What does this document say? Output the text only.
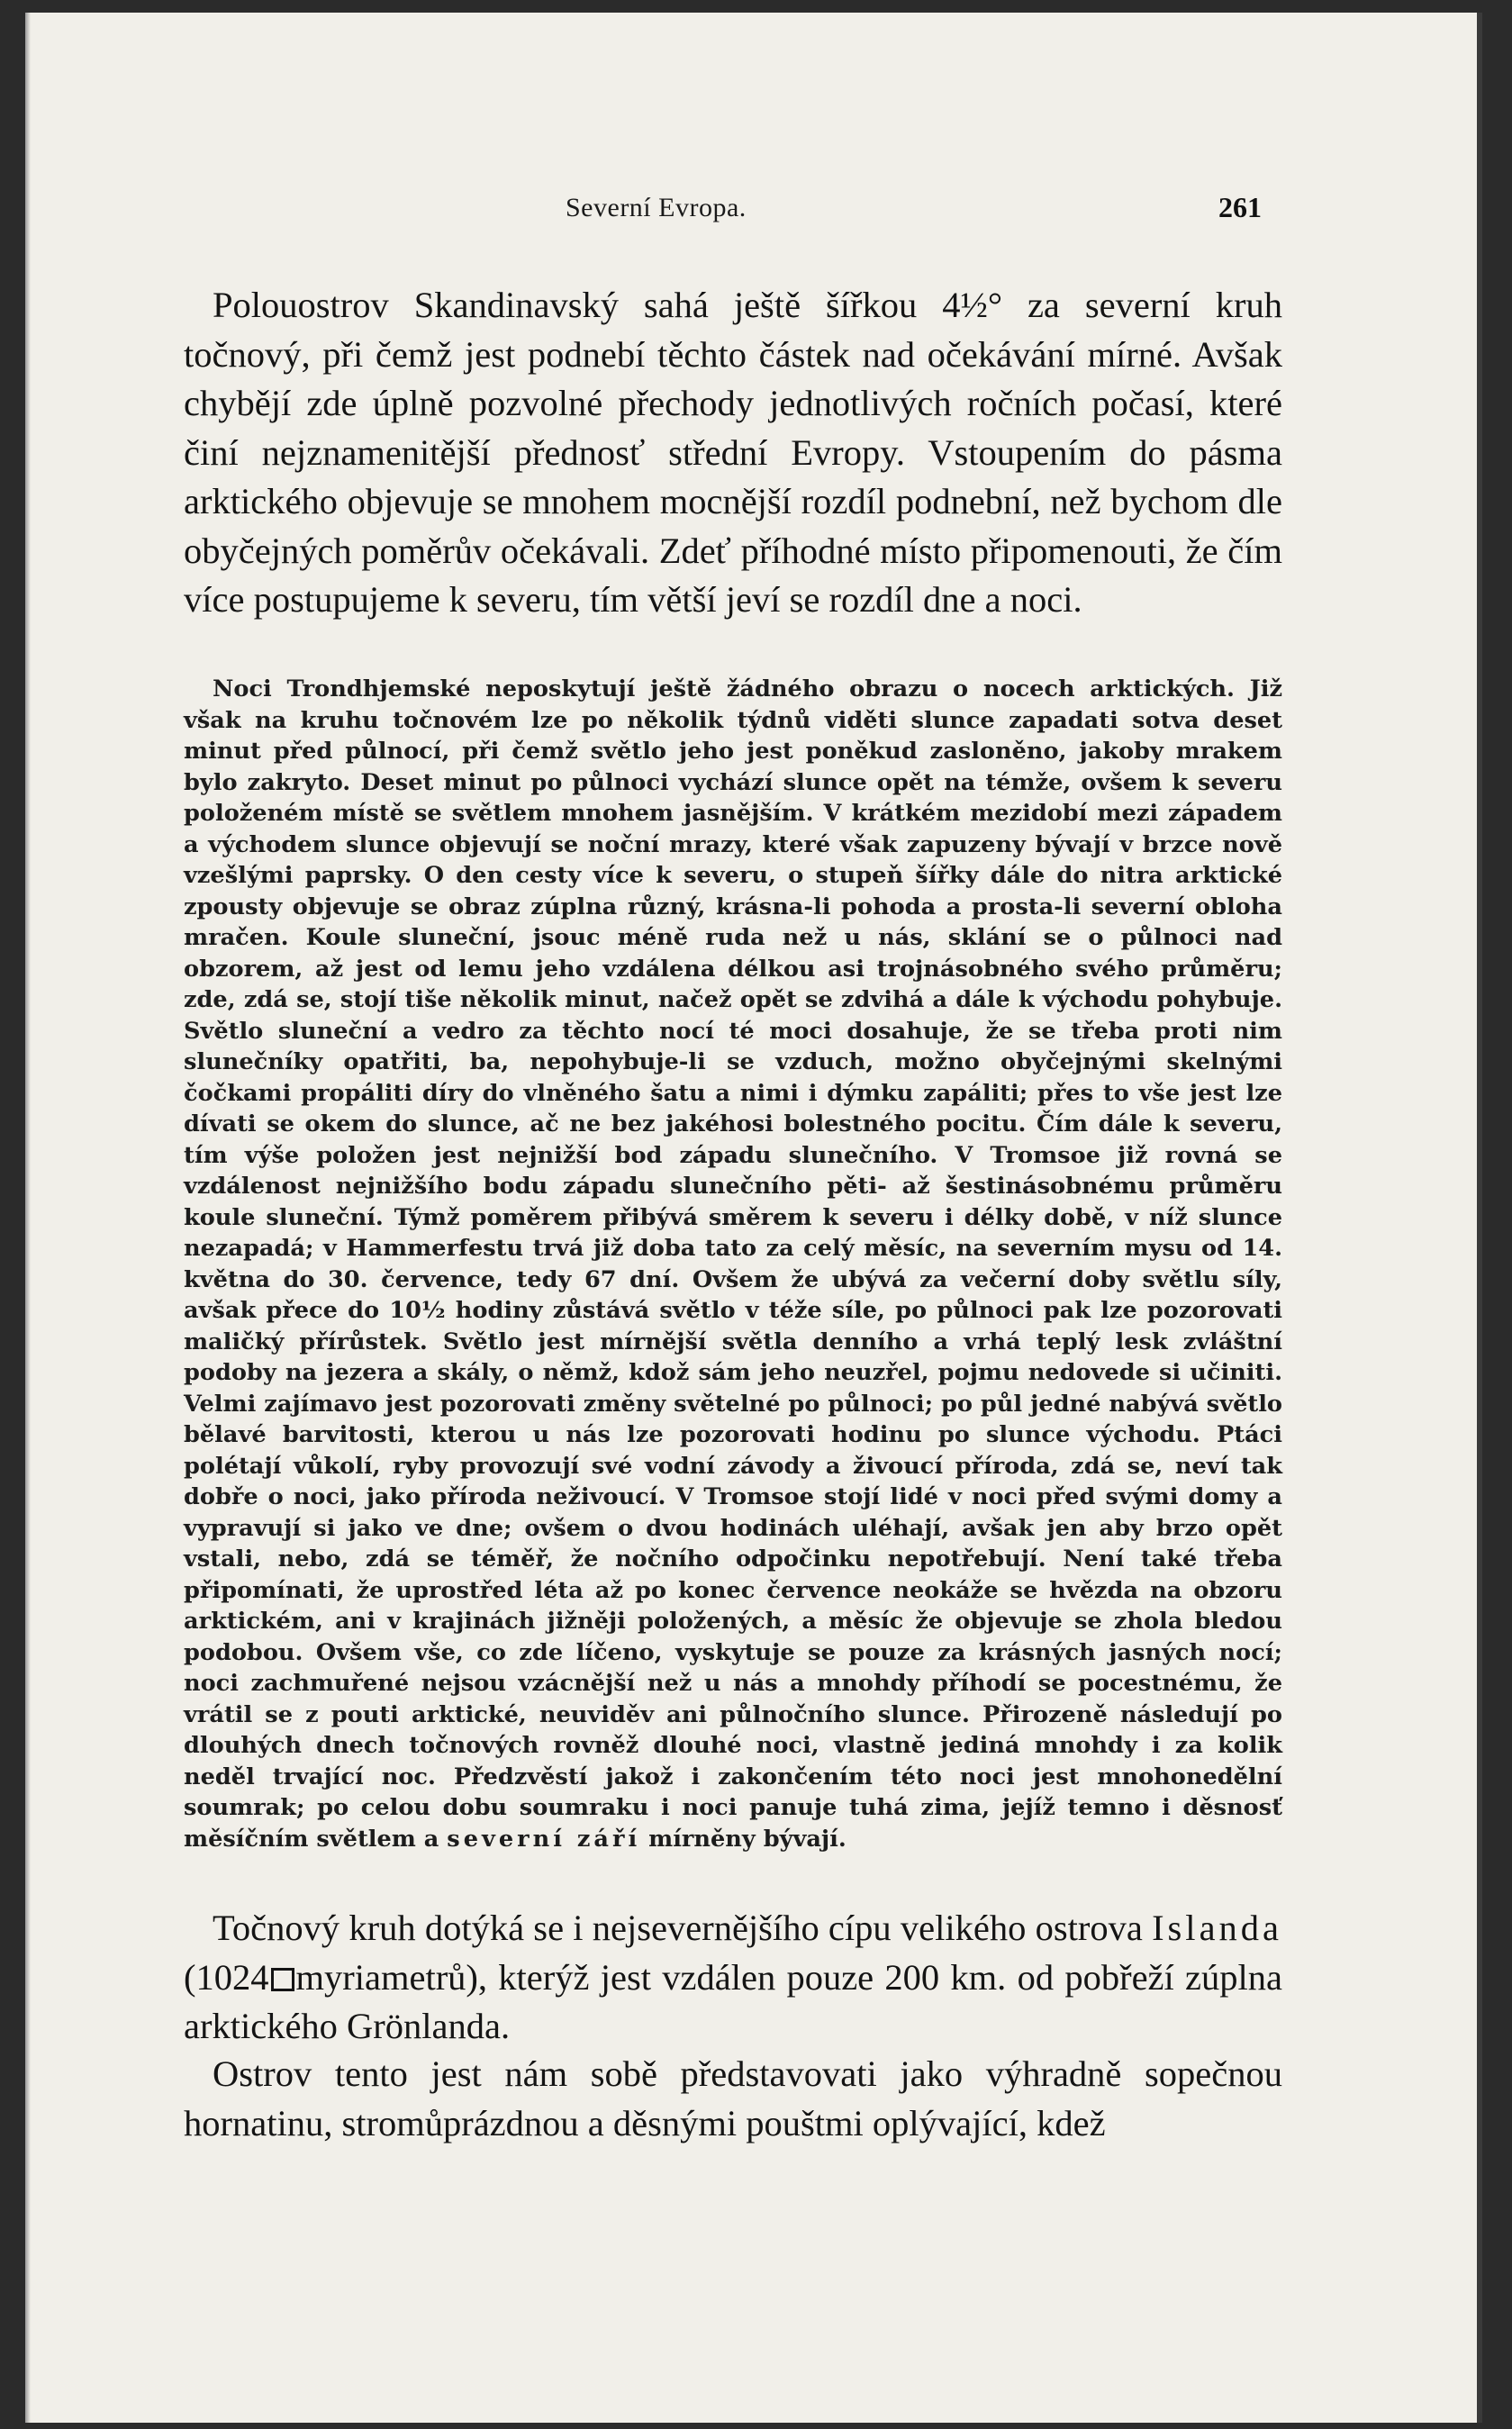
Severní Evropa.	261

Polouostrov Skandinavský sahá ještě šířkou 4½° za severní kruh točnový, při čemž jest podnebí těchto částek nad očekávání mírné. Avšak chybějí zde úplně pozvolné přechody jednotlivých ročních počasí, které činí nejznamenitější přednosť střední Evropy. Vstoupením do pásma arktického objevuje se mnohem mocnější rozdíl podnební, než bychom dle obyčejných poměrův očekávali. Zdeť příhodné místo připomenouti, že čím více postupujeme k severu, tím větší jeví se rozdíl dne a noci.

Noci Trondhjemské neposkytují ještě žádného obrazu o nocech arktických. Již však na kruhu točnovém lze po několik týdnů viděti slunce zapadati sotva deset minut před půlnocí, při čemž světlo jeho jest poněkud zasloněno, jakoby mrakem bylo zakryto. Deset minut po půlnoci vychází slunce opět na témže, ovšem k severu položeném místě se světlem mnohem jasnějším. V krátkém mezidobí mezi západem a východem slunce objevují se noční mrazy, které však zapuzeny bývají v brzce nově vzešlými paprsky. O den cesty více k severu, o stupeň šířky dále do nitra arktické zpousty objevuje se obraz zúplna různý, krásna-li pohoda a prosta-li severní obloha mračen. Koule sluneční, jsouc méně ruda než u nás, sklání se o půlnoci nad obzorem, až jest od lemu jeho vzdálena délkou asi trojnásobného svého průměru; zde, zdá se, stojí tiše několik minut, načež opět se zdvihá a dále k východu pohybuje. Světlo sluneční a vedro za těchto nocí té moci dosahuje, že se třeba proti nim slunečníky opatřiti, ba, nepohybuje-li se vzduch, možno obyčejnými skelnými čočkami propáliti díry do vlněného šatu a nimi i dýmku zapáliti; přes to vše jest lze dívati se okem do slunce, ač ne bez jakéhosi bolestného pocitu. Čím dále k severu, tím výše položen jest nejnižší bod západu slunečního. V Tromsoe již rovná se vzdálenost nejnižšího bodu západu slunečního pěti- až šestinásobnému průměru koule sluneční. Týmž poměrem přibývá směrem k severu i délky době, v níž slunce nezapadá; v Hammerfestu trvá již doba tato za celý měsíc, na severním mysu od 14. května do 30. července, tedy 67 dní. Ovšem že ubývá za večerní doby světlu síly, avšak přece do 10½ hodiny zůstává světlo v téže síle, po půlnoci pak lze pozorovati maličký přírůstek. Světlo jest mírnější světla denního a vrhá teplý lesk zvláštní podoby na jezera a skály, o němž, kdož sám jeho neuzřel, pojmu nedovede si učiniti. Velmi zajímavo jest pozorovati změny světelné po půlnoci; po půl jedné nabývá světlo bělavé barvitosti, kterou u nás lze pozorovati hodinu po slunce východu. Ptáci polétají vůkolí, ryby provozují své vodní závody a živoucí příroda, zdá se, neví tak dobře o noci, jako příroda neživoucí. V Tromsoe stojí lidé v noci před svými domy a vypravují si jako ve dne; ovšem o dvou hodinách uléhají, avšak jen aby brzo opět vstali, nebo, zdá se téměř, že nočního odpočinku nepotřebují. Není také třeba připomínati, že uprostřed léta až po konec července neokáže se hvězda na obzoru arktickém, ani v krajinách jižněji položených, a měsíc že objevuje se zhola bledou podobou. Ovšem vše, co zde líčeno, vyskytuje se pouze za krásných jasných nocí; noci zachmuřené nejsou vzácnější než u nás a mnohdy příhodí se pocestnému, že vrátil se z pouti arktické, neuviděv ani půlnočního slunce. Přirozeně následují po dlouhých dnech točnových rovněž dlouhé noci, vlastně jediná mnohdy i za kolik neděl trvající noc. Předzvěstí jakož i zakončením této noci jest mnohonedělní soumrak; po celou dobu soumraku i noci panuje tuhá zima, jejíž temno i děsnosť měsíčním světlem a severní září mírněny bývají.

Točnový kruh dotýká se i nejsevernějšího cípu velikého ostrova Islanda (1024 myriametrů), kterýž jest vzdálen pouze 200 km. od pobřeží zúplna arktického Grönlanda.

Ostrov tento jest nám sobě představovati jako výhradně sopečnou hornatinu, stromůprázdnou a děsnými pouštmi oplývající, kdež
